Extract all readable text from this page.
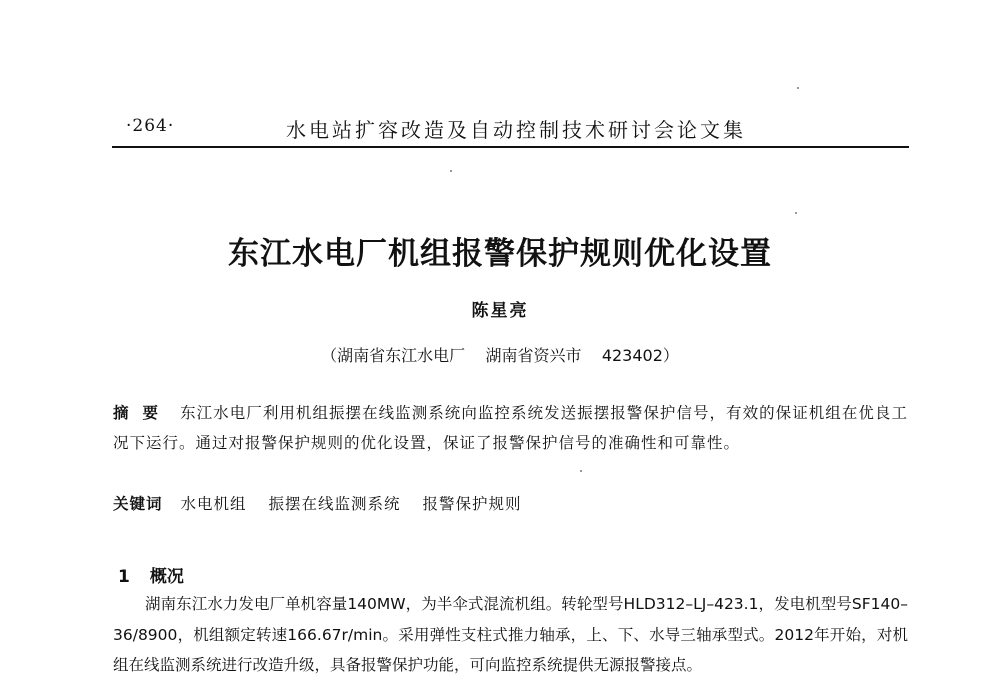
·264·	水电站扩容改造及自动控制技术研讨会论文集
东江水电厂机组报警保护规则优化设置
陈星亮
（湖南省东江水电厂 湖南省资兴市 423402）
摘要 东江水电厂利用机组振摆在线监测系统向监控系统发送振摆报警保护信号，有效的保证机组在优良工况下运行。通过对报警保护规则的优化设置，保证了报警保护信号的准确性和可靠性。
关键词 水电机组 振摆在线监测系统 报警保护规则
1 概况
湖南东江水力发电厂单机容量140MW，为半伞式混流机组。转轮型号HLD312–LJ–423.1，发电机型号SF140–36/8900，机组额定转速166.67r/min。采用弹性支柱式推力轴承，上、下、水导三轴承型式。2012年开始，对机组在线监测系统进行改造升级，具备报警保护功能，可向监控系统提供无源报警接点。
